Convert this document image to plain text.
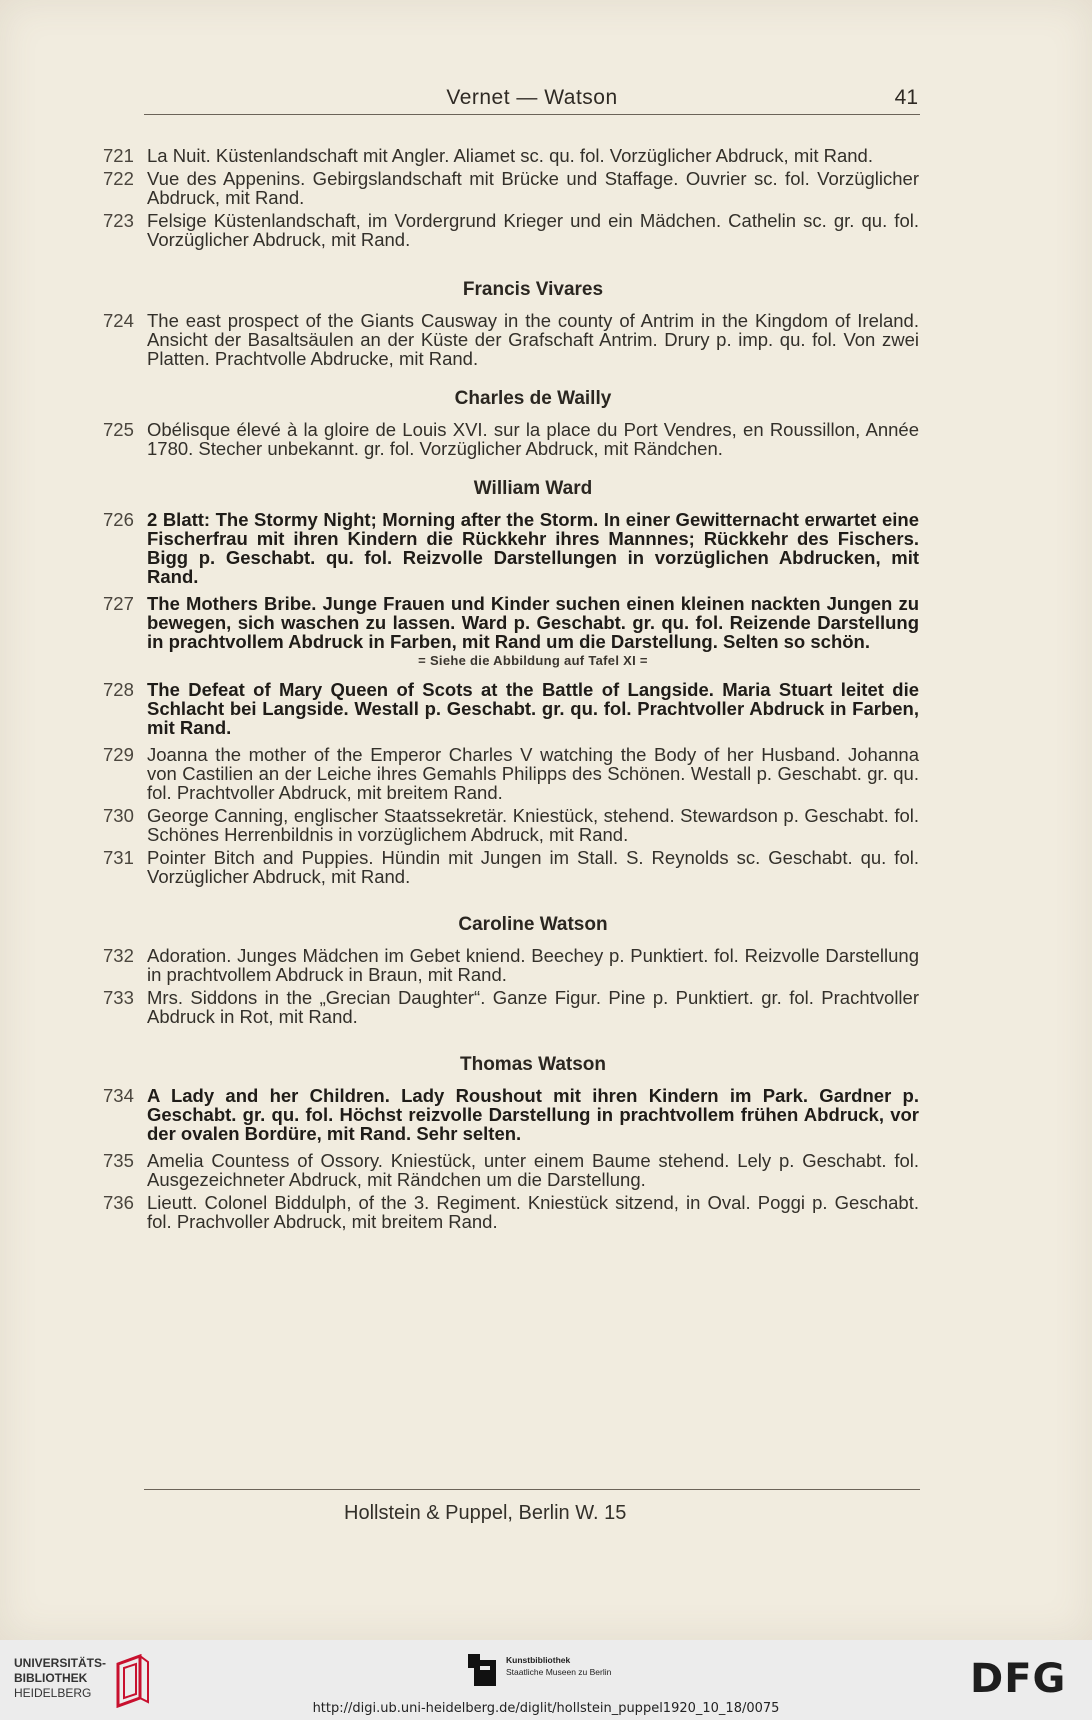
Vernet — Watson	41
721 La Nuit. Küstenlandschaft mit Angler. Aliamet sc. qu. fol. Vorzüglicher Abdruck, mit Rand.
722 Vue des Appenins. Gebirgslandschaft mit Brücke und Staffage. Ouvrier sc. fol. Vorzüglicher Abdruck, mit Rand.
723 Felsige Küstenlandschaft, im Vordergrund Krieger und ein Mädchen. Cathelin sc. gr. qu. fol. Vorzüglicher Abdruck, mit Rand.
Francis Vivares
724 The east prospect of the Giants Causway in the county of Antrim in the Kingdom of Ireland. Ansicht der Basaltsäulen an der Küste der Grafschaft Antrim. Drury p. imp. qu. fol. Von zwei Platten. Prachtvolle Abdrucke, mit Rand.
Charles de Wailly
725 Obélisque élevé à la gloire de Louis XVI. sur la place du Port Vendres, en Roussillon, Année 1780. Stecher unbekannt. gr. fol. Vorzüglicher Abdruck, mit Rändchen.
William Ward
726 2 Blatt: The Stormy Night; Morning after the Storm. In einer Gewitternacht erwartet eine Fischerfrau mit ihren Kindern die Rückkehr ihres Mannnes; Rückkehr des Fischers. Bigg p. Geschabt. qu. fol. Reizvolle Darstellungen in vorzüglichen Abdrucken, mit Rand.
727 The Mothers Bribe. Junge Frauen und Kinder suchen einen kleinen nackten Jungen zu bewegen, sich waschen zu lassen. Ward p. Geschabt. gr. qu. fol. Reizende Darstellung in prachtvollem Abdruck in Farben, mit Rand um die Darstellung. Selten so schön.
= Siehe die Abbildung auf Tafel XI =
728 The Defeat of Mary Queen of Scots at the Battle of Langside. Maria Stuart leitet die Schlacht bei Langside. Westall p. Geschabt. gr. qu. fol. Prachtvoller Abdruck in Farben, mit Rand.
729 Joanna the mother of the Emperor Charles V watching the Body of her Husband. Johanna von Castilien an der Leiche ihres Gemahls Philipps des Schönen. Westall p. Geschabt. gr. qu. fol. Prachtvoller Abdruck, mit breitem Rand.
730 George Canning, englischer Staatssekretär. Kniestück, stehend. Stewardson p. Geschabt. fol. Schönes Herrenbildnis in vorzüglichem Abdruck, mit Rand.
731 Pointer Bitch and Puppies. Hündin mit Jungen im Stall. S. Reynolds sc. Geschabt. qu. fol. Vorzüglicher Abdruck, mit Rand.
Caroline Watson
732 Adoration. Junges Mädchen im Gebet kniend. Beechey p. Punktiert. fol. Reizvolle Darstellung in prachtvollem Abdruck in Braun, mit Rand.
733 Mrs. Siddons in the „Grecian Daughter“. Ganze Figur. Pine p. Punktiert. gr. fol. Prachtvoller Abdruck in Rot, mit Rand.
Thomas Watson
734 A Lady and her Children. Lady Roushout mit ihren Kindern im Park. Gardner p. Geschabt. gr. qu. fol. Höchst reizvolle Darstellung in prachtvollem frühen Abdruck, vor der ovalen Bordüre, mit Rand. Sehr selten.
735 Amelia Countess of Ossory. Kniestück, unter einem Baume stehend. Lely p. Geschabt. fol. Ausgezeichneter Abdruck, mit Rändchen um die Darstellung.
736 Lieutt. Colonel Biddulph, of the 3. Regiment. Kniestück sitzend, in Oval. Poggi p. Geschabt. fol. Prachvoller Abdruck, mit breitem Rand.
Hollstein & Puppel, Berlin W. 15
UNIVERSITÄTS-
BIBLIOTHEK
HEIDELBERG
Kunstbibliothek
Staatliche Museen zu Berlin	DFG
http://digi.ub.uni-heidelberg.de/diglit/hollstein_puppel1920_10_18/0075
